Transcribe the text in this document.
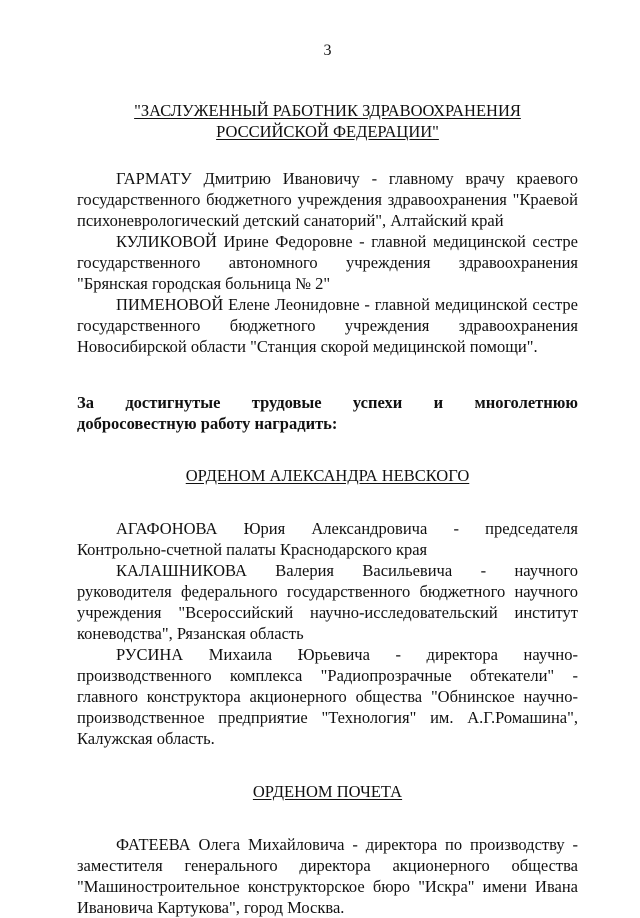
3

"ЗАСЛУЖЕННЫЙ РАБОТНИК ЗДРАВООХРАНЕНИЯ
РОССИЙСКОЙ ФЕДЕРАЦИИ"

ГАРМАТУ Дмитрию Ивановичу - главному врачу краевого государственного бюджетного учреждения здравоохранения "Краевой психоневрологический детский санаторий", Алтайский край

КУЛИКОВОЙ Ирине Федоровне - главной медицинской сестре государственного автономного учреждения здравоохранения "Брянская городская больница № 2"

ПИМЕНОВОЙ Елене Леонидовне - главной медицинской сестре государственного бюджетного учреждения здравоохранения Новосибирской области "Станция скорой медицинской помощи".

За достигнутые трудовые успехи и многолетнюю
добросовестную работу наградить:

ОРДЕНОМ АЛЕКСАНДРА НЕВСКОГО

АГАФОНОВА Юрия Александровича - председателя Контрольно-счетной палаты Краснодарского края

КАЛАШНИКОВА Валерия Васильевича - научного руководителя федерального государственного бюджетного научного учреждения "Всероссийский научно-исследовательский институт коневодства", Рязанская область

РУСИНА Михаила Юрьевича - директора научно-производственного комплекса "Радиопрозрачные обтекатели" - главного конструктора акционерного общества "Обнинское научно-производственное предприятие "Технология" им. А.Г.Ромашина", Калужская область.

ОРДЕНОМ ПОЧЕТА

ФАТЕЕВА Олега Михайловича - директора по производству - заместителя генерального директора акционерного общества "Машиностроительное конструкторское бюро "Искра" имени Ивана Ивановича Картукова", город Москва.
